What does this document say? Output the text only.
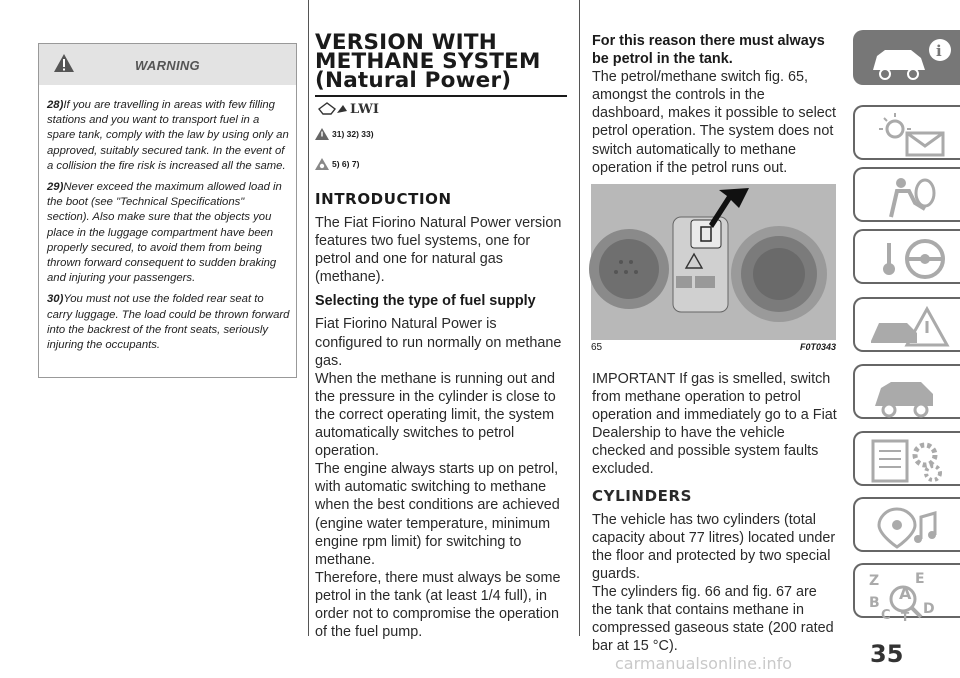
WARNING

28)If you are travelling in areas with few filling stations and you want to transport fuel in a spare tank, comply with the law by using only an approved, suitably secured tank. In the event of a collision the fire risk is increased all the same.

29)Never exceed the maximum allowed load in the boot (see "Technical Specifications" section). Also make sure that the objects you place in the luggage compartment have been properly secured, to avoid them from being thrown forward consequent to sudden braking and injuring your passengers.

30)You must not use the folded rear seat to carry luggage. The load could be thrown forward into the backrest of the front seats, seriously injuring the occupants.

VERSION WITH
METHANE SYSTEM
(Natural Power)
LWI
31) 32) 33)
5) 6) 7)
INTRODUCTION

The Fiat Fiorino Natural Power version features two fuel systems, one for petrol and one for natural gas (methane).

Selecting the type of fuel supply

Fiat Fiorino Natural Power is configured to run normally on methane gas.

When the methane is running out and the pressure in the cylinder is close to the correct operating limit, the system automatically switches to petrol operation.

The engine always starts up on petrol, with automatic switching to methane when the best conditions are achieved (engine water temperature, minimum engine rpm limit) for switching to methane.

Therefore, there must always be some petrol in the tank (at least 1/4 full), in order not to compromise the operation of the fuel pump.

For this reason there must always be petrol in the tank.

The petrol/methane switch fig. 65, amongst the controls in the dashboard, makes it possible to select petrol operation. The system does not switch automatically to methane operation if the petrol runs out.

65	F0T0343

IMPORTANT If gas is smelled, switch from methane operation to petrol operation and immediately go to a Fiat Dealership to have the vehicle checked and possible system faults excluded.

CYLINDERS

The vehicle has two cylinders (total capacity about 77 litres) located under the floor and protected by two special guards.

The cylinders fig. 66 and fig. 67 are the tank that contains methane in compressed gaseous state (200 rated bar at 15 °C).

i
Z	E
A
B
C D
T
35
carmanualsonline.info
